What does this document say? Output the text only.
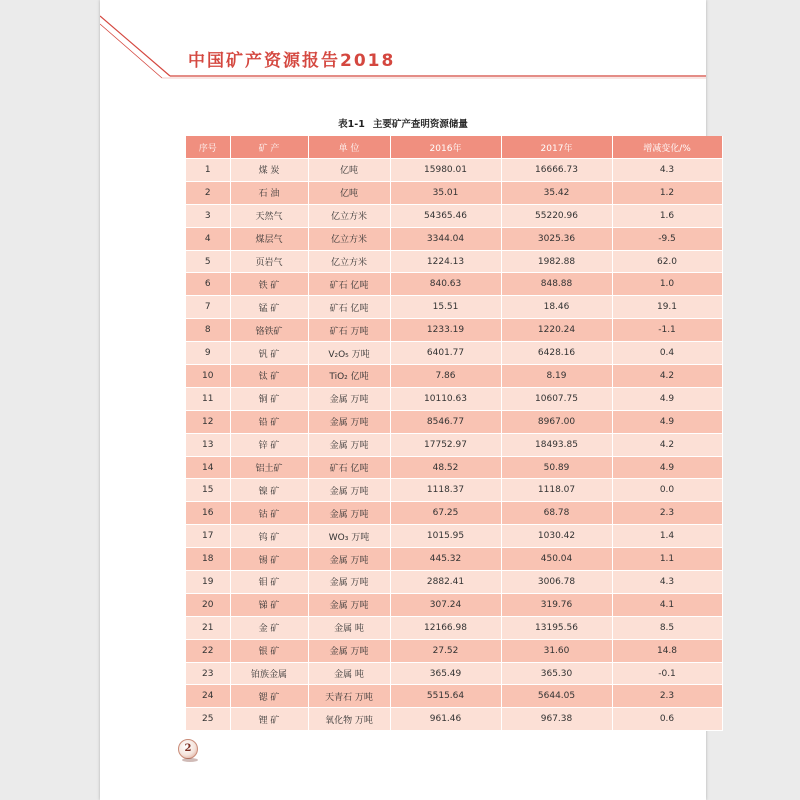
中国矿产资源报告2018
表1-1 主要矿产查明资源储量
序号	矿 产	单 位	2016年	2017年	增减变化/%
1	煤 炭	亿吨	15980.01	16666.73	4.3
2	石 油	亿吨	35.01	35.42	1.2
3	天然气	亿立方米	54365.46	55220.96	1.6
4	煤层气	亿立方米	3344.04	3025.36	-9.5
5	页岩气	亿立方米	1224.13	1982.88	62.0
6	铁 矿	矿石 亿吨	840.63	848.88	1.0
7	锰 矿	矿石 亿吨	15.51	18.46	19.1
8	铬铁矿	矿石 万吨	1233.19	1220.24	-1.1
9	钒 矿	V₂O₅ 万吨	6401.77	6428.16	0.4
10	钛 矿	TiO₂ 亿吨	7.86	8.19	4.2
11	铜 矿	金属 万吨	10110.63	10607.75	4.9
12	铅 矿	金属 万吨	8546.77	8967.00	4.9
13	锌 矿	金属 万吨	17752.97	18493.85	4.2
14	铝土矿	矿石 亿吨	48.52	50.89	4.9
15	镍 矿	金属 万吨	1118.37	1118.07	0.0
16	钴 矿	金属 万吨	67.25	68.78	2.3
17	钨 矿	WO₃ 万吨	1015.95	1030.42	1.4
18	锡 矿	金属 万吨	445.32	450.04	1.1
19	钼 矿	金属 万吨	2882.41	3006.78	4.3
20	锑 矿	金属 万吨	307.24	319.76	4.1
21	金 矿	金属 吨	12166.98	13195.56	8.5
22	银 矿	金属 万吨	27.52	31.60	14.8
23	铂族金属	金属 吨	365.49	365.30	-0.1
24	锶 矿	天青石 万吨	5515.64	5644.05	2.3
25	锂 矿	氧化物 万吨	961.46	967.38	0.6
2
